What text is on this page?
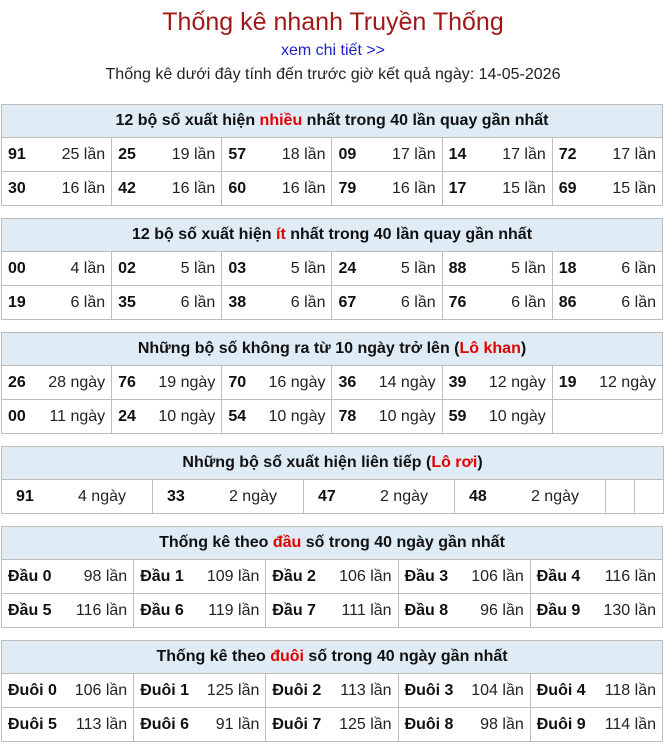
Thống kê nhanh Truyền Thống
xem chi tiết >>
Thống kê dưới đây tính đến trước giờ kết quả ngày: 14-05-2026
12 bộ số xuất hiện nhiều nhất trong 40 lần quay gần nhất					
91 25 lần	25 19 lần	57 18 lần	09 17 lần	14 17 lần	72 17 lần

30 16 lần	42 16 lần	60 16 lần	79 16 lần	17 15 lần	69 15 lần
12 bộ số xuất hiện ít nhất trong 40 lần quay gần nhất					
00 4 lần	02 5 lần	03 5 lần	24 5 lần	88 5 lần	18 6 lần

19 6 lần	35 6 lần	38 6 lần	67 6 lần	76 6 lần	86 6 lần
Những bộ số không ra từ 10 ngày trở lên (Lô khan)					
26 28 ngày	76 19 ngày	70 16 ngày	36 14 ngày	39 12 ngày	19 12 ngày

00 11 ngày	24 10 ngày	54 10 ngày	78 10 ngày	59 10 ngày	

Những bộ số xuất hiện liên tiếp (Lô rơi)
91	4 ngày	33	2 ngày	47	2 ngày	48	2 ngày

Thống kê theo đầu số trong 40 ngày gần nhất				
Đầu 0 98 lần	Đầu 1 109 lần	Đầu 2 106 lần	Đầu 3 106 lần	Đầu 4 116 lần

Đầu 5 116 lần	Đầu 6 119 lần	Đầu 7 111 lần	Đầu 8 96 lần	Đầu 9 130 lần
Thống kê theo đuôi số trong 40 ngày gần nhất				
Đuôi 0 106 lần	Đuôi 1 125 lần	Đuôi 2 113 lần	Đuôi 3 104 lần	Đuôi 4 118 lần

Đuôi 5 113 lần	Đuôi 6 91 lần	Đuôi 7 125 lần	Đuôi 8 98 lần	Đuôi 9 114 lần
